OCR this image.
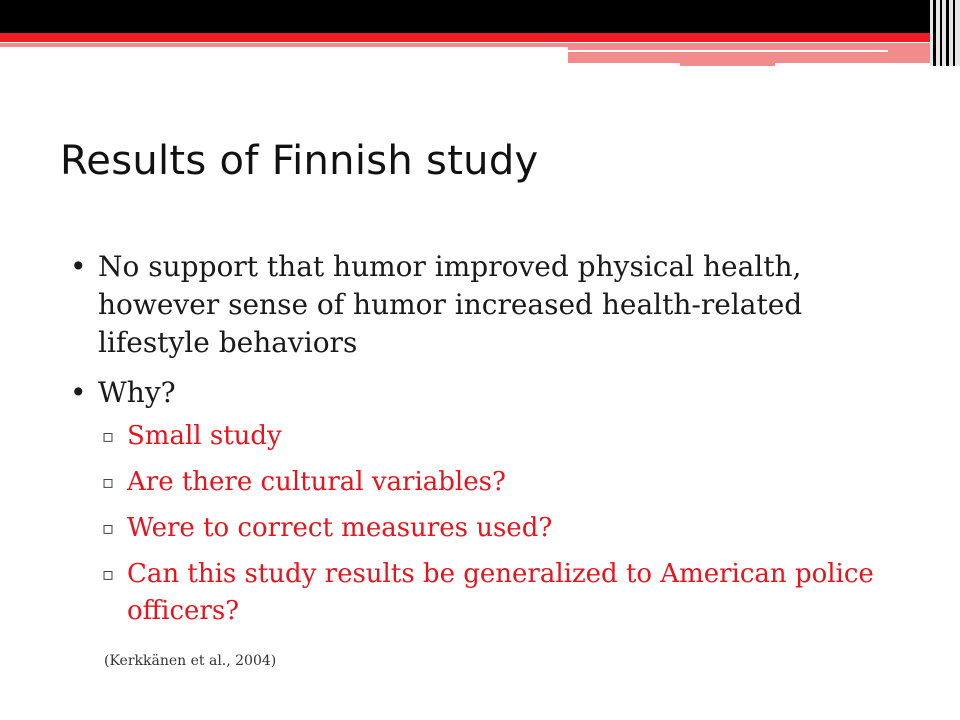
Results of Finnish study
• No support that humor improved physical health, however sense of humor increased health-related lifestyle behaviors
• Why?
▫ Small study
▫ Are there cultural variables?
▫ Were to correct measures used?
▫ Can this study results be generalized to American police officers?
(Kerkkänen et al., 2004)
